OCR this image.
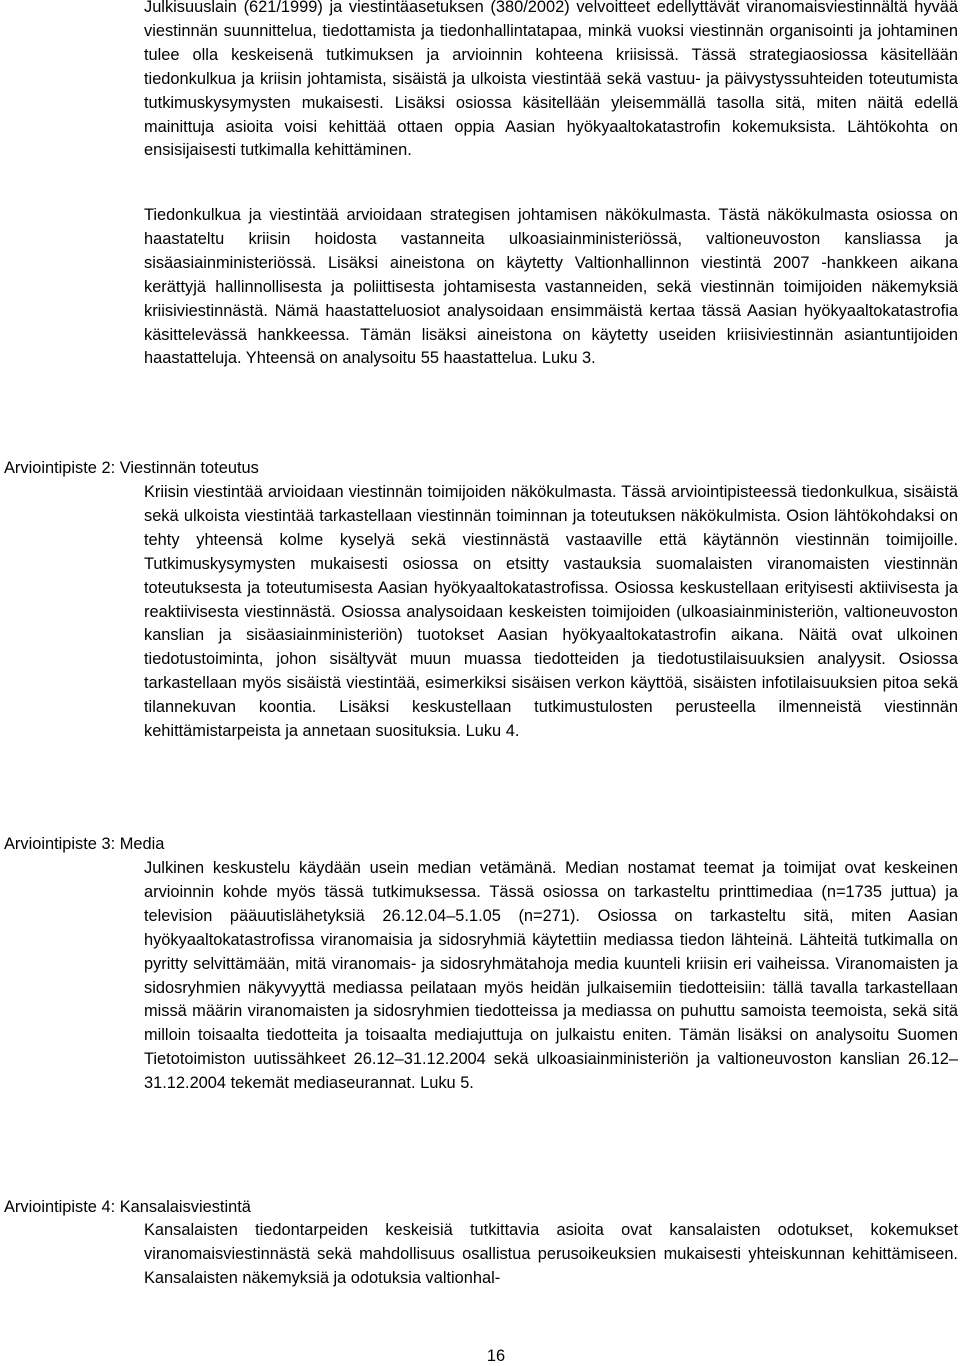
Julkisuuslain (621/1999) ja viestintäasetuksen (380/2002) velvoitteet edellyttävät viranomaisviestinnältä hyvää viestinnän suunnittelua, tiedottamista ja tiedonhallintatapaa, minkä vuoksi viestinnän organisointi ja johtaminen tulee olla keskeisenä tutkimuksen ja arvioinnin kohteena kriisissä. Tässä strategiaosiossa käsitellään tiedonkulkua ja kriisin johtamista, sisäistä ja ulkoista viestintää sekä vastuu- ja päivystyssuhteiden toteutumista tutkimuskysymysten mukaisesti. Lisäksi osiossa käsitellään yleisemmällä tasolla sitä, miten näitä edellä mainittuja asioita voisi kehittää ottaen oppia Aasian hyökyaaltokatastrofin kokemuksista. Lähtökohta on ensisijaisesti tutkimalla kehittäminen.

Tiedonkulkua ja viestintää arvioidaan strategisen johtamisen näkökulmasta. Tästä näkökulmasta osiossa on haastateltu kriisin hoidosta vastanneita ulkoasiainministeriössä, valtioneuvoston kansliassa ja sisäasiainministeriössä. Lisäksi aineistona on käytetty Valtionhallinnon viestintä 2007 -hankkeen aikana kerättyjä hallinnollisesta ja poliittisesta johtamisesta vastanneiden, sekä viestinnän toimijoiden näkemyksiä kriisiviestinnästä. Nämä haastatteluosiot analysoidaan ensimmäistä kertaa tässä Aasian hyökyaaltokatastrofia käsittelevässä hankkeessa. Tämän lisäksi aineistona on käytetty useiden kriisiviestinnän asiantuntijoiden haastatteluja. Yhteensä on analysoitu 55 haastattelua. Luku 3.

Arviointipiste 2: Viestinnän toteutus

Kriisin viestintää arvioidaan viestinnän toimijoiden näkökulmasta. Tässä arviointipisteessä tiedonkulkua, sisäistä sekä ulkoista viestintää tarkastellaan viestinnän toiminnan ja toteutuksen näkökulmista. Osion lähtökohdaksi on tehty yhteensä kolme kyselyä sekä viestinnästä vastaaville että käytännön viestinnän toimijoille. Tutkimuskysymysten mukaisesti osiossa on etsitty vastauksia suomalaisten viranomaisten viestinnän toteutuksesta ja toteutumisesta Aasian hyökyaaltokatastrofissa. Osiossa keskustellaan erityisesti aktiivisesta ja reaktiivisesta viestinnästä. Osiossa analysoidaan keskeisten toimijoiden (ulkoasiainministeriön, valtioneuvoston kanslian ja sisäasiainministeriön) tuotokset Aasian hyökyaaltokatastrofin aikana. Näitä ovat ulkoinen tiedotustoiminta, johon sisältyvät muun muassa tiedotteiden ja tiedotustilaisuuksien analyysit. Osiossa tarkastellaan myös sisäistä viestintää, esimerkiksi sisäisen verkon käyttöä, sisäisten infotilaisuuksien pitoa sekä tilannekuvan koontia. Lisäksi keskustellaan tutkimustulosten perusteella ilmenneistä viestinnän kehittämistarpeista ja annetaan suosituksia. Luku 4.

Arviointipiste 3: Media

Julkinen keskustelu käydään usein median vetämänä. Median nostamat teemat ja toimijat ovat keskeinen arvioinnin kohde myös tässä tutkimuksessa. Tässä osiossa on tarkasteltu printtimediaa (n=1735 juttua) ja television pääuutislähetyksiä 26.12.04–5.1.05 (n=271). Osiossa on tarkasteltu sitä, miten Aasian hyökyaaltokatastrofissa viranomaisia ja sidosryhmiä käytettiin mediassa tiedon lähteinä. Lähteitä tutkimalla on pyritty selvittämään, mitä viranomais- ja sidosryhmätahoja media kuunteli kriisin eri vaiheissa. Viranomaisten ja sidosryhmien näkyvyyttä mediassa peilataan myös heidän julkaisemiin tiedotteisiin: tällä tavalla tarkastellaan missä määrin viranomaisten ja sidosryhmien tiedotteissa ja mediassa on puhuttu samoista teemoista, sekä sitä milloin toisaalta tiedotteita ja toisaalta mediajuttuja on julkaistu eniten. Tämän lisäksi on analysoitu Suomen Tietotoimiston uutissähkeet 26.12–31.12.2004 sekä ulkoasiainministeriön ja valtioneuvoston kanslian 26.12–31.12.2004 tekemät mediaseurannat. Luku 5.

Arviointipiste 4: Kansalaisviestintä

Kansalaisten tiedontarpeiden keskeisiä tutkittavia asioita ovat kansalaisten odotukset, kokemukset viranomaisviestinnästä sekä mahdollisuus osallistua perusoikeuksien mukaisesti yhteiskunnan kehittämiseen. Kansalaisten näkemyksiä ja odotuksia valtionhal-

16
